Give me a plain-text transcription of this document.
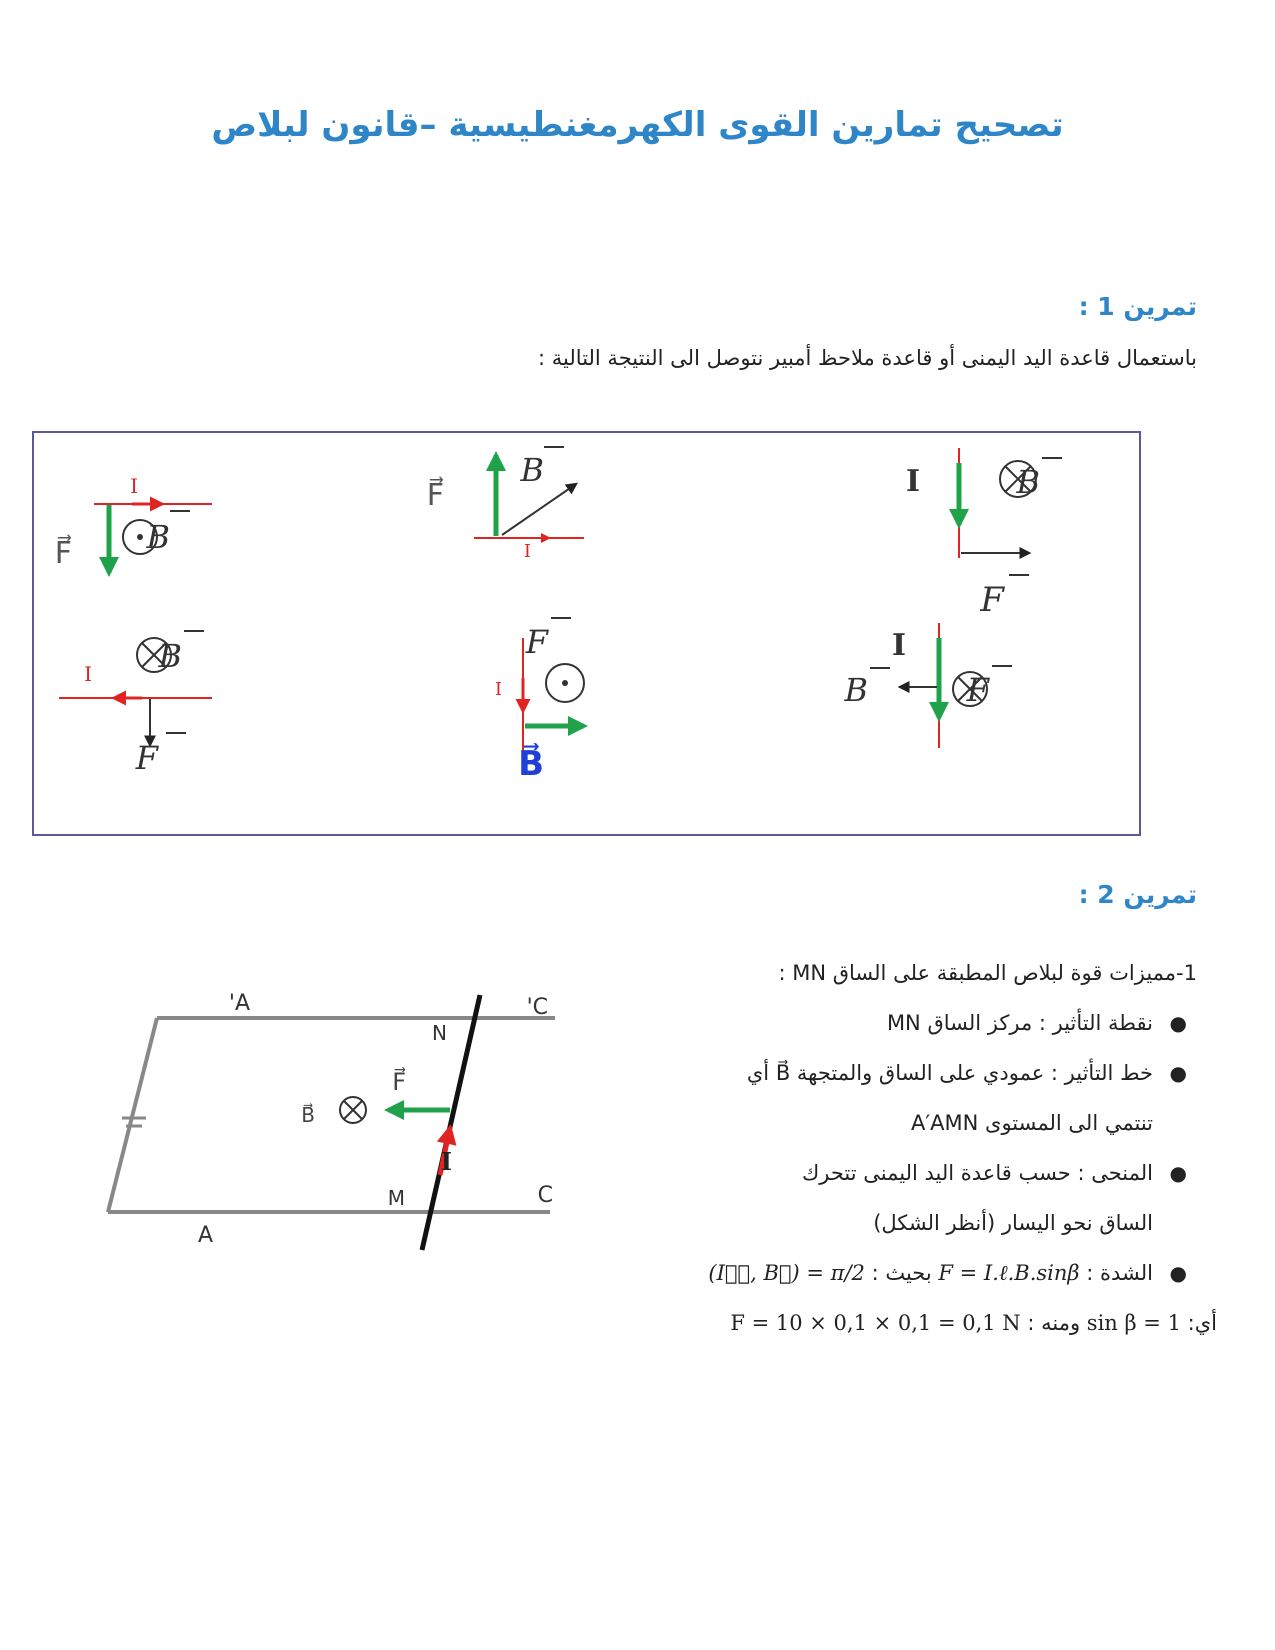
تصحيح تمارين القوى الكهرمغنطيسية –قانون لبلاص
تمرين 1 :
باستعمال قاعدة اليد اليمنى أو قاعدة ملاحظ أمبير نتوصل الى النتيجة التالية :
I
F⃗ B	I
F⃗
B	I
F
B
I
F
B
I
B⃗
F	I
B	F
تمرين 2 :
B⃗
F⃗
I
A'	C'
N
M
A
C
1-مميزات قوة لبلاص المطبقة على الساق MN :
●
نقطة التأثير : مركز الساق MN
●
خط التأثير : عمودي على الساق والمتجهة B⃗ أي
تنتمي الى المستوى A′AMN
●
المنحى : حسب قاعدة اليد اليمنى تتحرك
الساق نحو اليسار (أنظر الشكل)
●
الشدة : F = I.ℓ.B.sinβ بحيث : (Iℓ⃗, B⃗) = π/2
أي: sin β = 1 ومنه : F = 10 × 0,1 × 0,1 = 0,1 N
